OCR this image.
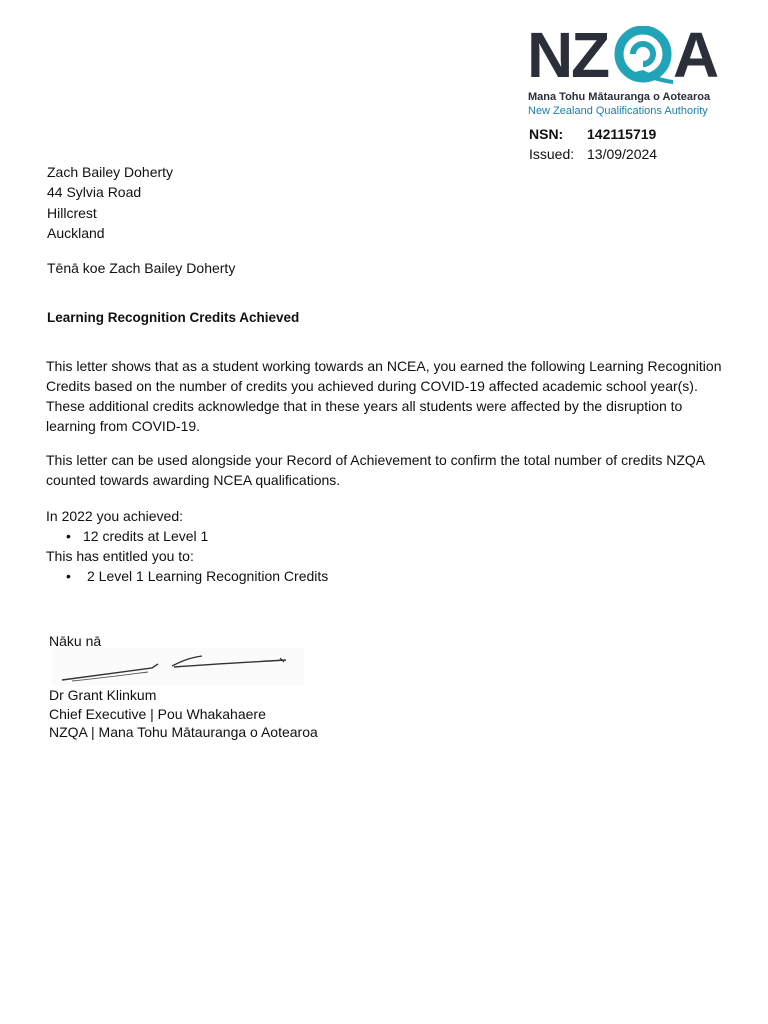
N
Z A
Mana Tohu Mātauranga o Aotearoa
New Zealand Qualifications Authority
NSN: 142115719
Issued: 13/09/2024
Zach Bailey Doherty
44 Sylvia Road
Hillcrest
Auckland
Tēnā koe Zach Bailey Doherty
Learning Recognition Credits Achieved
This letter shows that as a student working towards an NCEA, you earned the following Learning Recognition Credits based on the number of credits you achieved during COVID-19 affected academic school year(s). These additional credits acknowledge that in these years all students were affected by the disruption to learning from COVID-19.
This letter can be used alongside your Record of Achievement to confirm the total number of credits NZQA counted towards awarding NCEA qualifications.
In 2022 you achieved:
• 12 credits at Level 1
This has entitled you to:
• 2 Level 1 Learning Recognition Credits
Nāku nā
Dr Grant Klinkum
Chief Executive | Pou Whakahaere
NZQA | Mana Tohu Mātauranga o Aotearoa
